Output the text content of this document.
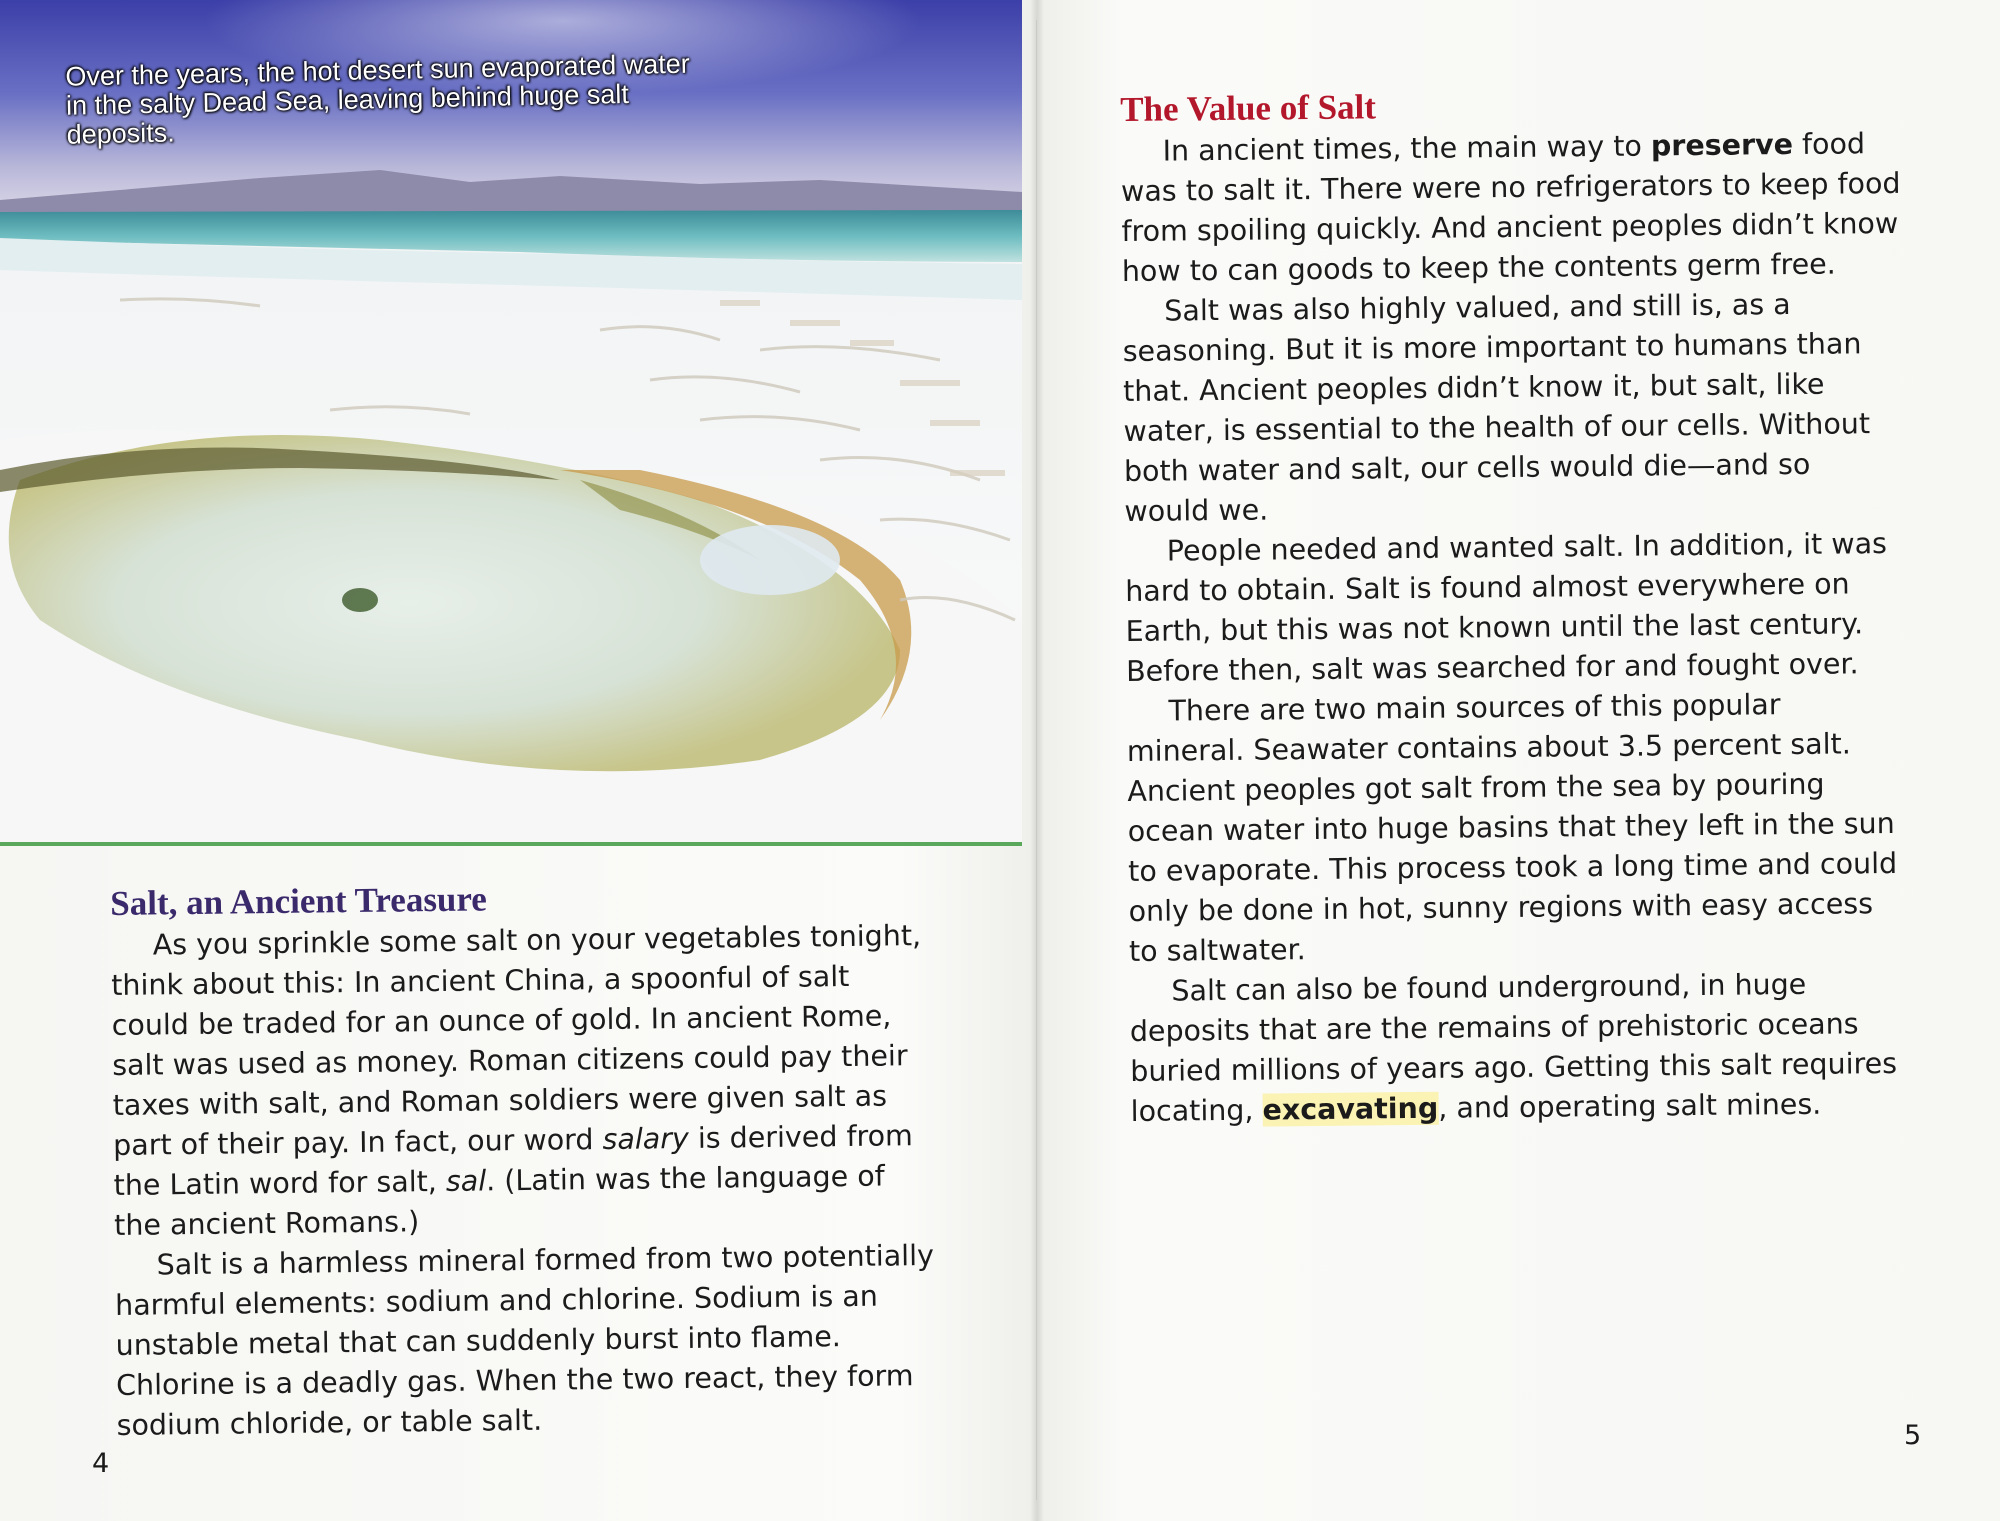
Over the years, the hot desert sun evaporated water in the salty Dead Sea, leaving behind huge salt deposits.
Salt, an Ancient Treasure

As you sprinkle some salt on your vegetables tonight, think about this: In ancient China, a spoonful of salt could be traded for an ounce of gold. In ancient Rome, salt was used as money. Roman citizens could pay their taxes with salt, and Roman soldiers were given salt as part of their pay. In fact, our word salary is derived from the Latin word for salt, sal. (Latin was the language of the ancient Romans.)

Salt is a harmless mineral formed from two potentially harmful elements: sodium and chlorine. Sodium is an unstable metal that can suddenly burst into flame. Chlorine is a deadly gas. When the two react, they form sodium chloride, or table salt.

4
The Value of Salt

In ancient times, the main way to preserve food was to salt it. There were no refrigerators to keep food from spoiling quickly. And ancient peoples didn’t know how to can goods to keep the contents germ free.

Salt was also highly valued, and still is, as a seasoning. But it is more important to humans than that. Ancient peoples didn’t know it, but salt, like water, is essential to the health of our cells. Without both water and salt, our cells would die—and so would we.

People needed and wanted salt. In addition, it was hard to obtain. Salt is found almost everywhere on Earth, but this was not known until the last century. Before then, salt was searched for and fought over.

There are two main sources of this popular mineral. Seawater contains about 3.5 percent salt. Ancient peoples got salt from the sea by pouring ocean water into huge basins that they left in the sun to evaporate. This process took a long time and could only be done in hot, sunny regions with easy access to saltwater.

Salt can also be found underground, in huge deposits that are the remains of prehistoric oceans buried millions of years ago. Getting this salt requires locating, excavating, and operating salt mines.

5
